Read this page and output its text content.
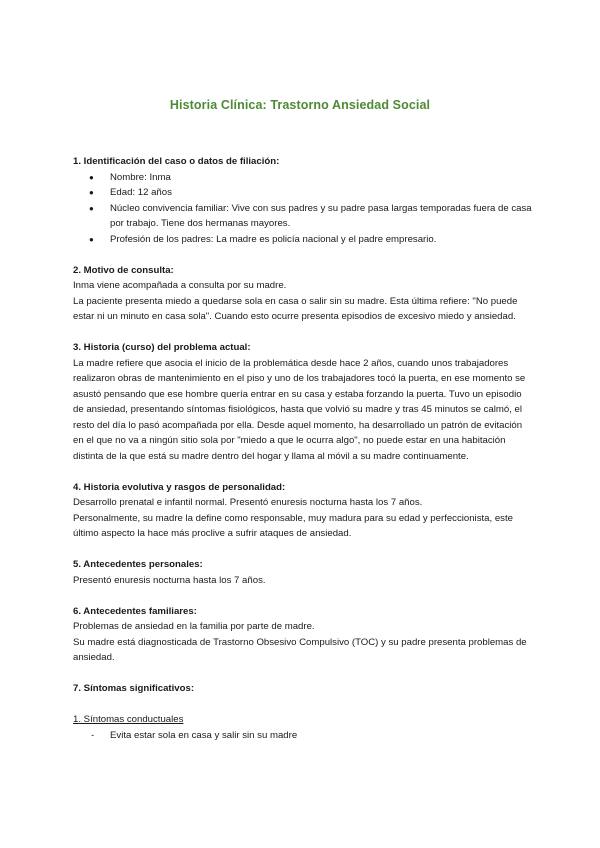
Historia Clínica: Trastorno Ansiedad Social

1. Identificación del caso o datos de filiación:

● Nombre: Inma
● Edad: 12 años
● Núcleo convivencia familiar: Vive con sus padres y su padre pasa largas temporadas fuera de casa por trabajo. Tiene dos hermanas mayores.
● Profesión de los padres: La madre es policía nacional y el padre empresario.

2. Motivo de consulta:

Inma viene acompañada a consulta por su madre.

La paciente presenta miedo a quedarse sola en casa o salir sin su madre. Esta última refiere: "No puede estar ni un minuto en casa sola". Cuando esto ocurre presenta episodios de excesivo miedo y ansiedad.

3. Historia (curso) del problema actual:

La madre refiere que asocia el inicio de la problemática desde hace 2 años, cuando unos trabajadores realizaron obras de mantenimiento en el piso y uno de los trabajadores tocó la puerta, en ese momento se asustó pensando que ese hombre quería entrar en su casa y estaba forzando la puerta. Tuvo un episodio de ansiedad, presentando síntomas fisiológicos, hasta que volvió su madre y tras 45 minutos se calmó, el resto del día lo pasó acompañada por ella. Desde aquel momento, ha desarrollado un patrón de evitación en el que no va a ningún sitio sola por "miedo a que le ocurra algo", no puede estar en una habitación distinta de la que está su madre dentro del hogar y llama al móvil a su madre continuamente.

4. Historia evolutiva y rasgos de personalidad:

Desarrollo prenatal e infantil normal. Presentó enuresis nocturna hasta los 7 años.

Personalmente, su madre la define como responsable, muy madura para su edad y perfeccionista, este último aspecto la hace más proclive a sufrir ataques de ansiedad.

5. Antecedentes personales:

Presentó enuresis nocturna hasta los 7 años.

6. Antecedentes familiares:

Problemas de ansiedad en la familia por parte de madre.

Su madre está diagnosticada de Trastorno Obsesivo Compulsivo (TOC) y su padre presenta problemas de ansiedad.

7. Síntomas significativos:

1. Síntomas conductuales

- Evita estar sola en casa y salir sin su madre
